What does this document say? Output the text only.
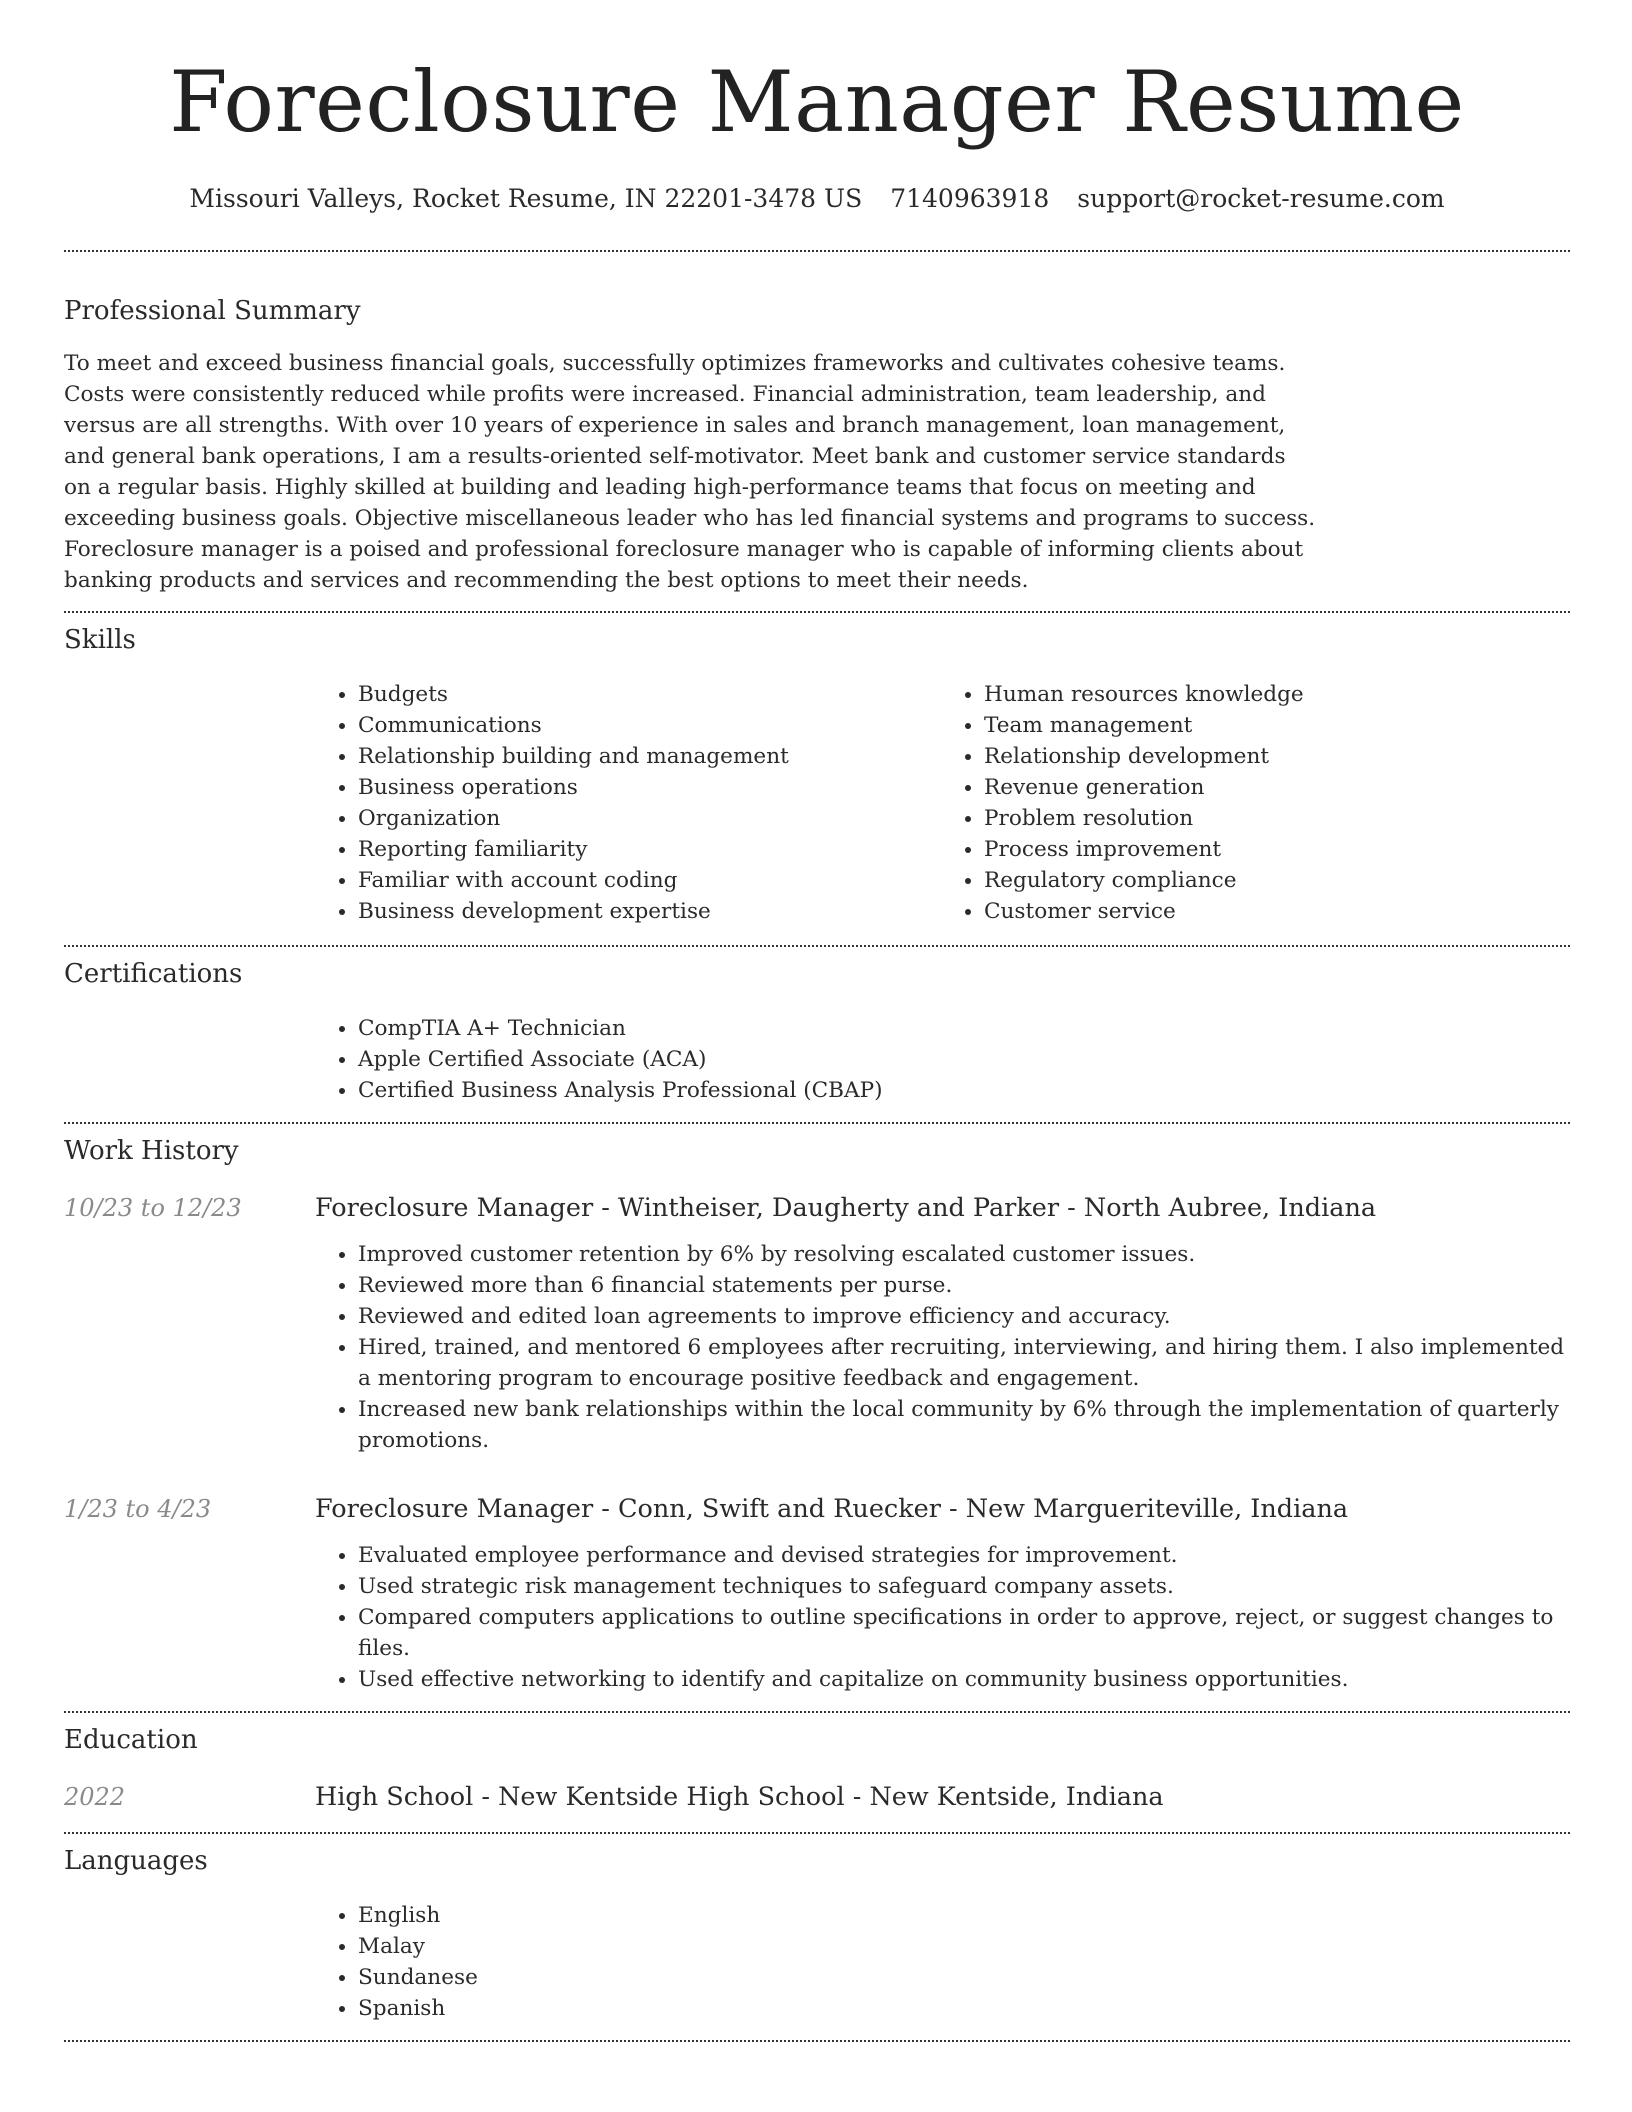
Foreclosure Manager Resume
Missouri Valleys, Rocket Resume, IN 22201-3478 US 7140963918 support@rocket-resume.com
Professional Summary

To meet and exceed business financial goals, successfully optimizes frameworks and cultivates cohesive teams. Costs were consistently reduced while profits were increased. Financial administration, team leadership, and versus are all strengths. With over 10 years of experience in sales and branch management, loan management, and general bank operations, I am a results-oriented self-motivator. Meet bank and customer service standards on a regular basis. Highly skilled at building and leading high-performance teams that focus on meeting and exceeding business goals. Objective miscellaneous leader who has led financial systems and programs to success. Foreclosure manager is a poised and professional foreclosure manager who is capable of informing clients about banking products and services and recommending the best options to meet their needs.

Skills
• Budgets
• Communications
• Relationship building and management
• Business operations
• Organization
• Reporting familiarity
• Familiar with account coding
• Business development expertise
• Human resources knowledge
• Team management
• Relationship development
• Revenue generation
• Problem resolution
• Process improvement
• Regulatory compliance
• Customer service
Certifications
• CompTIA A+ Technician
• Apple Certified Associate (ACA)
• Certified Business Analysis Professional (CBAP)
Work History
10/23 to 12/23	Foreclosure Manager - Wintheiser, Daugherty and Parker - North Aubree, Indiana
• Improved customer retention by 6% by resolving escalated customer issues.
• Reviewed more than 6 financial statements per purse.
• Reviewed and edited loan agreements to improve efficiency and accuracy.
• Hired, trained, and mentored 6 employees after recruiting, interviewing, and hiring them. I also implemented a mentoring program to encourage positive feedback and engagement.
• Increased new bank relationships within the local community by 6% through the implementation of quarterly promotions.
1/23 to 4/23	Foreclosure Manager - Conn, Swift and Ruecker - New Margueriteville, Indiana
• Evaluated employee performance and devised strategies for improvement.
• Used strategic risk management techniques to safeguard company assets.
• Compared computers applications to outline specifications in order to approve, reject, or suggest changes to files.
• Used effective networking to identify and capitalize on community business opportunities.
Education
2022	High School - New Kentside High School - New Kentside, Indiana
Languages
• English
• Malay
• Sundanese
• Spanish
